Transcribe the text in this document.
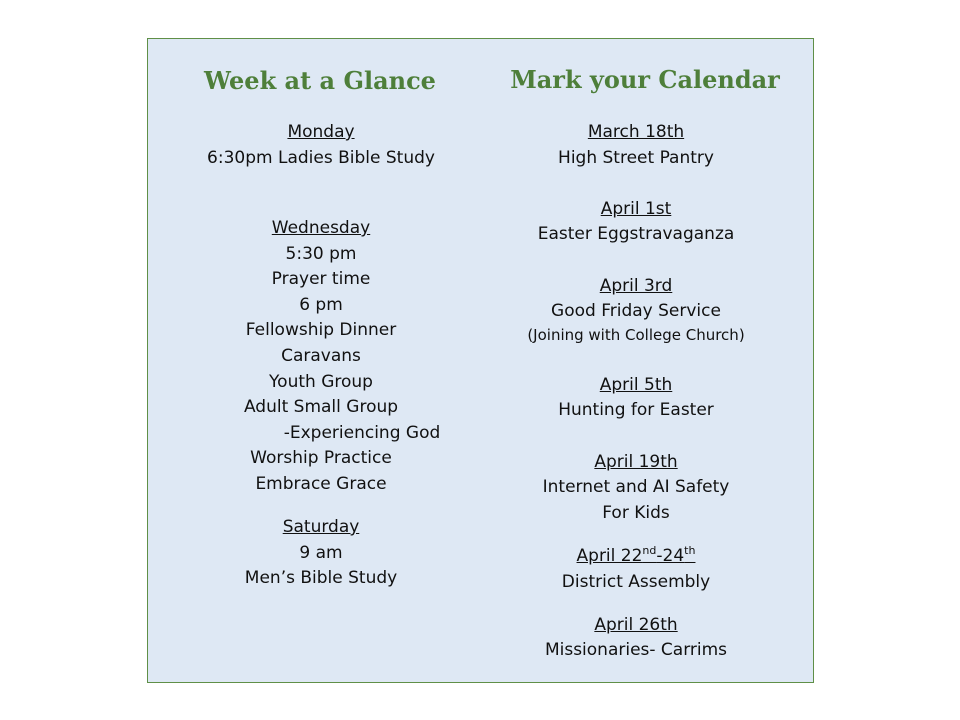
Week at a Glance
Monday
6:30pm Ladies Bible Study
Wednesday
5:30 pm
Prayer time
6 pm
Fellowship Dinner
Caravans
Youth Group
Adult Small Group
-Experiencing God
Worship Practice
Embrace Grace
Saturday
9 am
Men’s Bible Study
Mark your Calendar
March 18th
High Street Pantry
April 1st
Easter Eggstravaganza
April 3rd
Good Friday Service
(Joining with College Church)
April 5th
Hunting for Easter
April 19th
Internet and AI Safety
For Kids
April 22nd-24th
District Assembly
April 26th
Missionaries- Carrims
